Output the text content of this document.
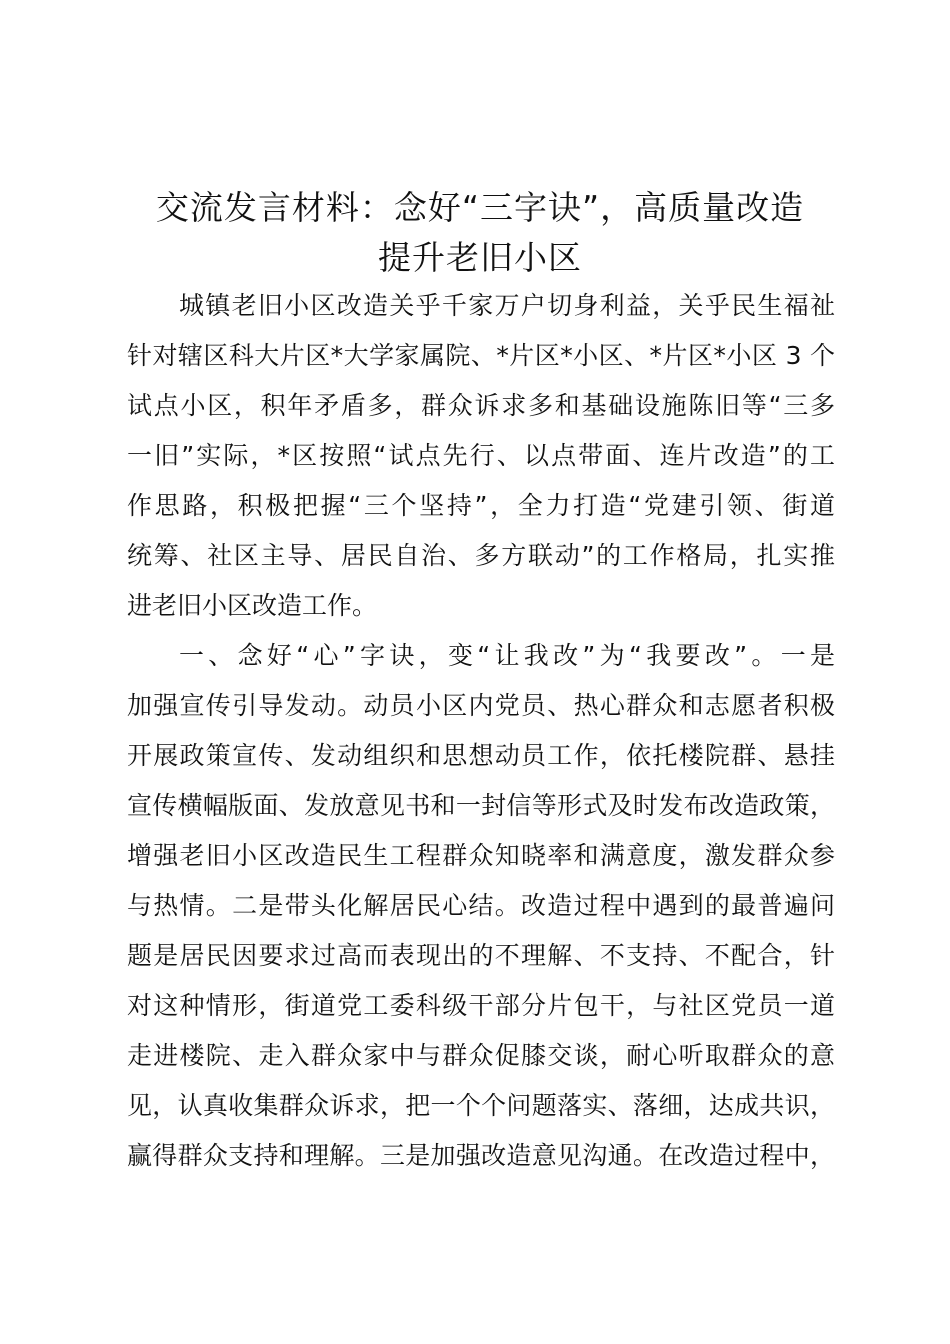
交流发言材料：念好“三字诀”，高质量改造
提升老旧小区
城镇老旧小区改造关乎千家万户切身利益，关乎民生福祉
针对辖区科大片区*大学家属院、*片区*小区、*片区*小区 3 个
试点小区，积年矛盾多，群众诉求多和基础设施陈旧等“三多
一旧”实际，*区按照“试点先行、以点带面、连片改造”的工
作思路，积极把握“三个坚持”，全力打造“党建引领、街道
统筹、社区主导、居民自治、多方联动”的工作格局，扎实推
进老旧小区改造工作。
一、念好“心”字诀，变“让我改”为“我要改”。一是
加强宣传引导发动。动员小区内党员、热心群众和志愿者积极
开展政策宣传、发动组织和思想动员工作，依托楼院群、悬挂
宣传横幅版面、发放意见书和一封信等形式及时发布改造政策，
增强老旧小区改造民生工程群众知晓率和满意度，激发群众参
与热情。二是带头化解居民心结。改造过程中遇到的最普遍问
题是居民因要求过高而表现出的不理解、不支持、不配合，针
对这种情形，街道党工委科级干部分片包干，与社区党员一道
走进楼院、走入群众家中与群众促膝交谈，耐心听取群众的意
见，认真收集群众诉求，把一个个问题落实、落细，达成共识，
赢得群众支持和理解。三是加强改造意见沟通。在改造过程中，
